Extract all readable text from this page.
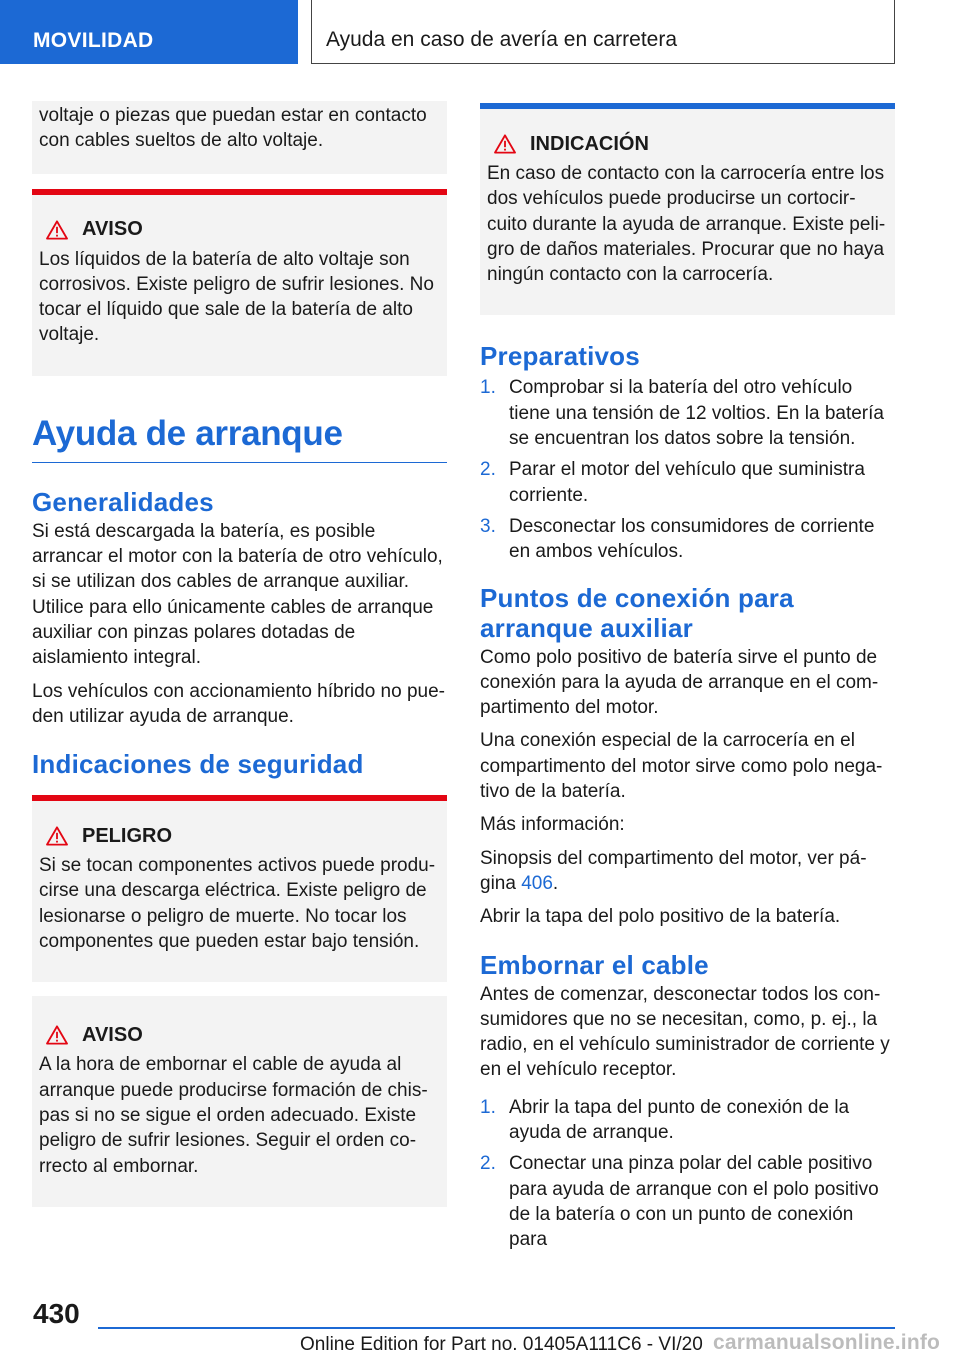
MOVILIDAD	Ayuda en caso de avería en carretera

voltaje o piezas que puedan estar en contacto con cables sueltos de alto voltaje.

AVISO

Los líquidos de la batería de alto voltaje son corrosivos. Existe peligro de sufrir lesiones. No tocar el líquido que sale de la batería de alto voltaje.

Ayuda de arranque
Generalidades

Si está descargada la batería, es posible arrancar el motor con la batería de otro vehículo, si se utilizan dos cables de arranque auxiliar. Utilice para ello únicamente cables de arranque auxiliar con pinzas polares dotadas de aislamiento integral.

Los vehículos con accionamiento híbrido no pueden utilizar ayuda de arranque.

Indicaciones de seguridad
PELIGRO

Si se tocan componentes activos puede producirse una descarga eléctrica. Existe peligro de lesionarse o peligro de muerte. No tocar los componentes que pueden estar bajo tensión.

AVISO

A la hora de embornar el cable de ayuda al arranque puede producirse formación de chispas si no se sigue el orden adecuado. Existe peligro de sufrir lesiones. Seguir el orden correcto al embornar.

INDICACIÓN

En caso de contacto con la carrocería entre los dos vehículos puede producirse un cortocircuito durante la ayuda de arranque. Existe peligro de daños materiales. Procurar que no haya ningún contacto con la carrocería.

Preparativos
1. Comprobar si la batería del otro vehículo tiene una tensión de 12 voltios. En la batería se encuentran los datos sobre la tensión.
2. Parar el motor del vehículo que suministra corriente.
3. Desconectar los consumidores de corriente en ambos vehículos.
Puntos de conexión para arranque auxiliar

Como polo positivo de batería sirve el punto de conexión para la ayuda de arranque en el compartimento del motor.

Una conexión especial de la carrocería en el compartimento del motor sirve como polo negativo de la batería.

Más información:

Sinopsis del compartimento del motor, ver página 406.

Abrir la tapa del polo positivo de la batería.

Embornar el cable

Antes de comenzar, desconectar todos los consumidores que no se necesitan, como, p. ej., la radio, en el vehículo suministrador de corriente y en el vehículo receptor.

1. Abrir la tapa del punto de conexión de la ayuda de arranque.
2. Conectar una pinza polar del cable positivo para ayuda de arranque con el polo positivo de la batería o con un punto de conexión para
430
Online Edition for Part no. 01405A111C6 - VI/20 carmanualsonline.info
